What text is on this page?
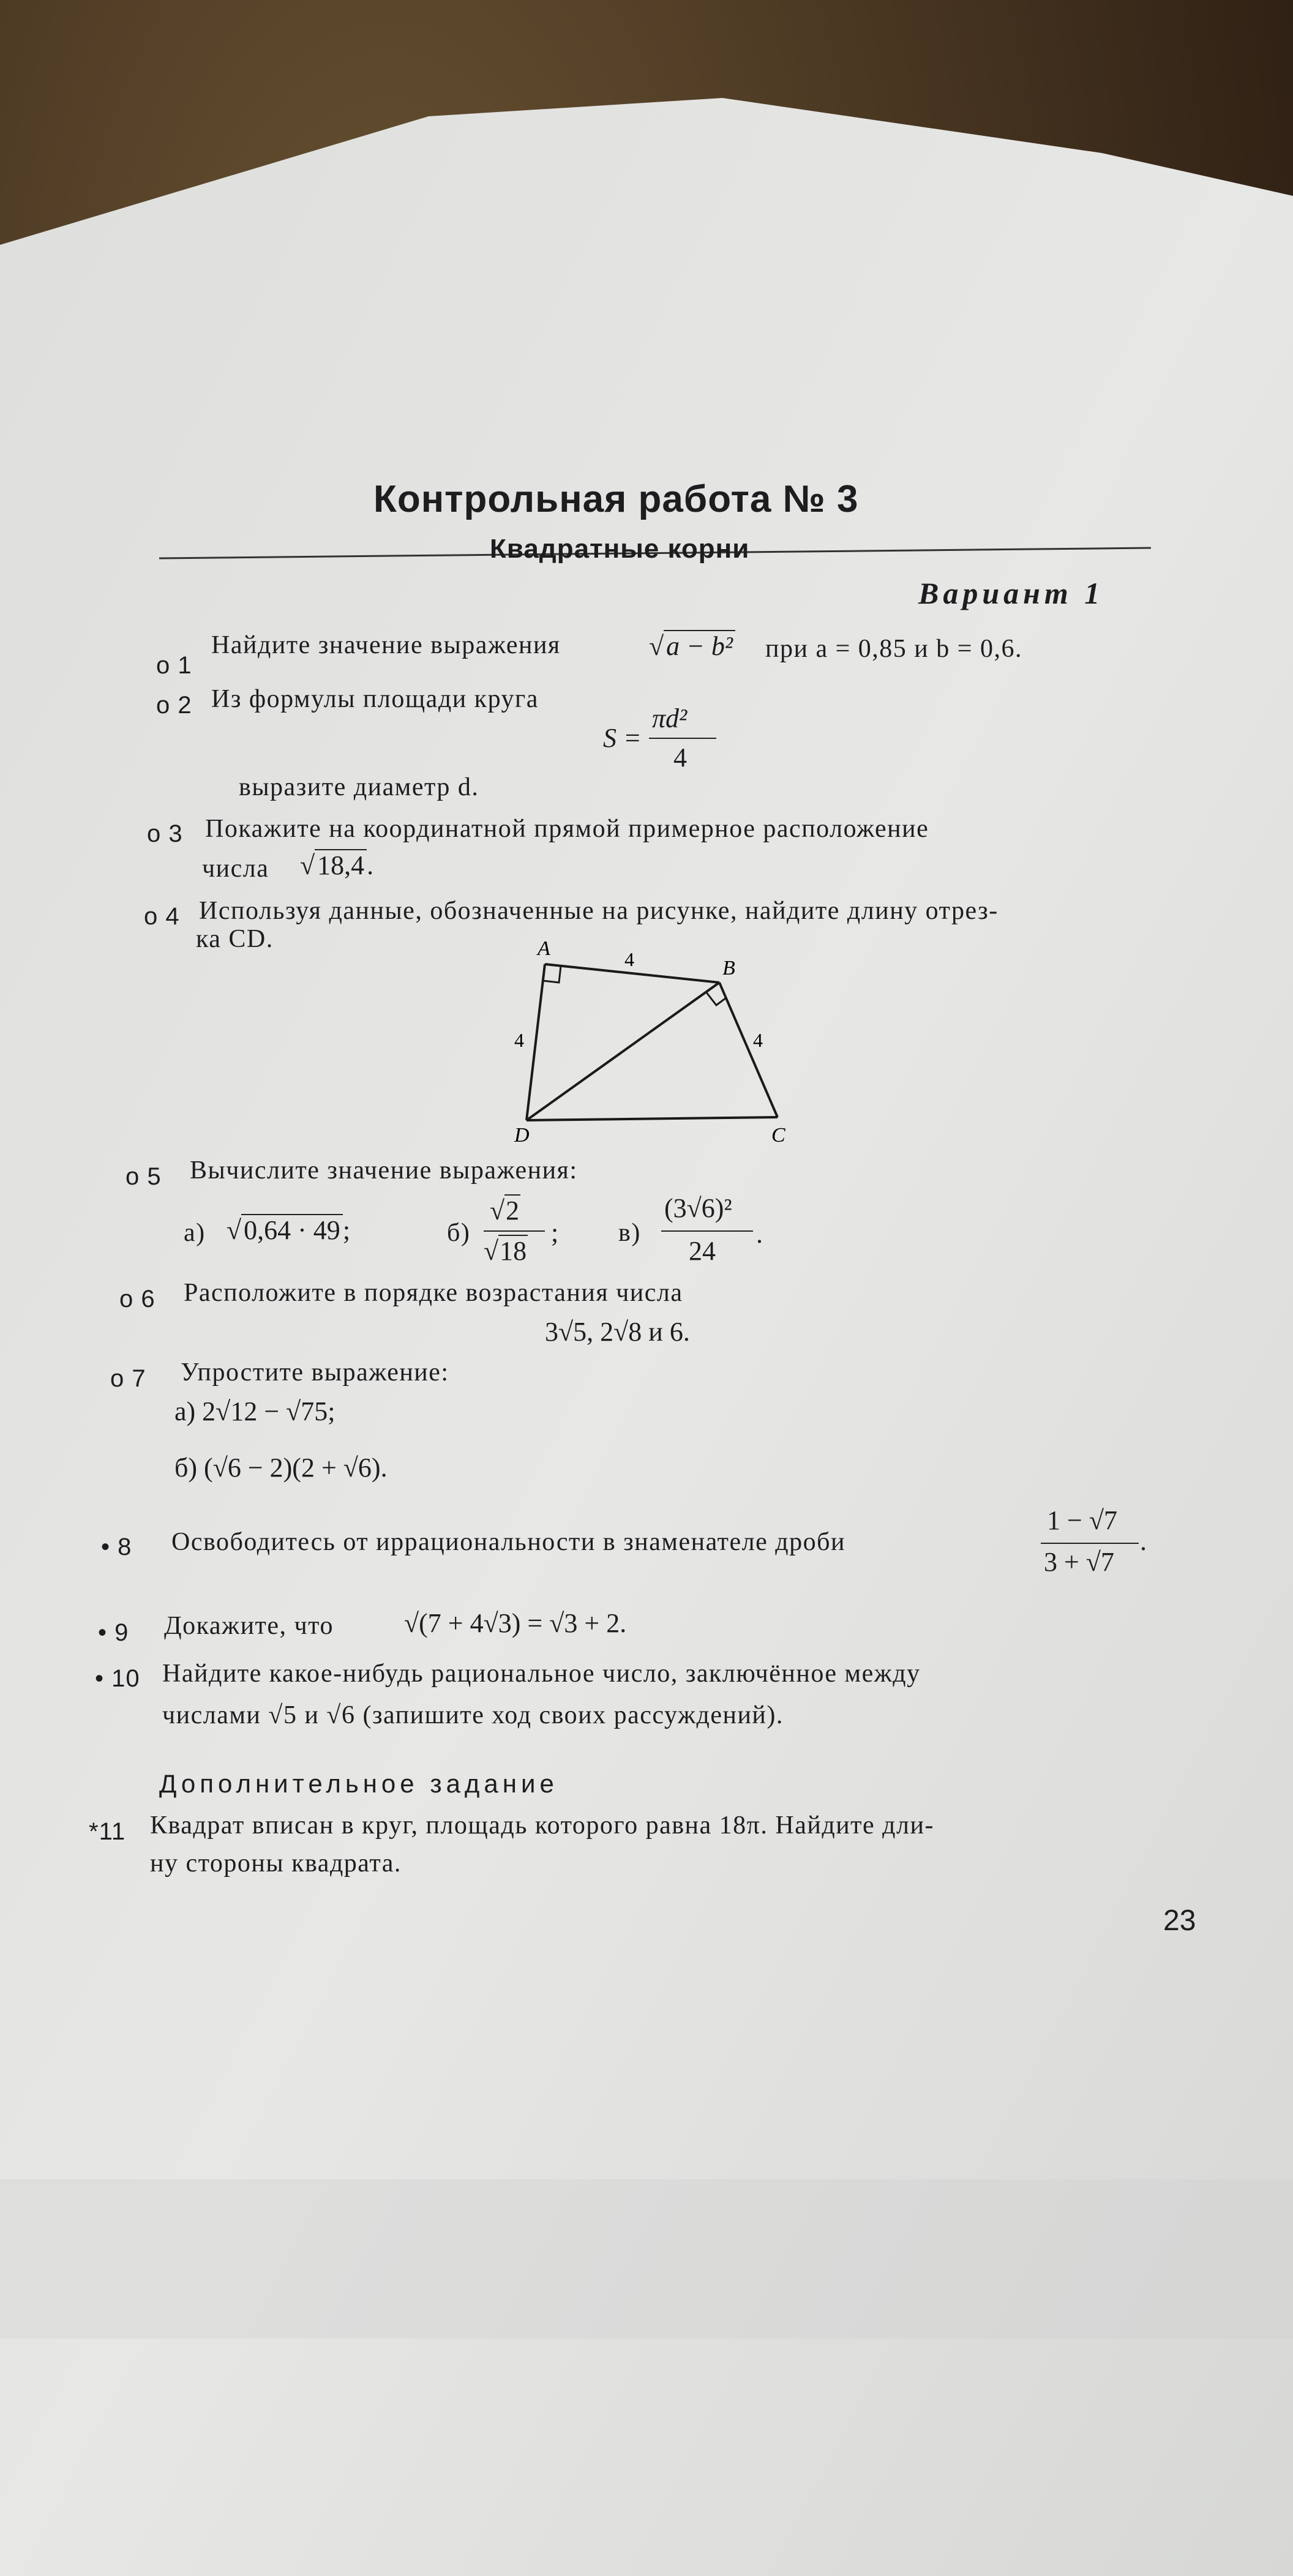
Контрольная работа № 3
Квадратные корни
Вариант 1
о 1
Найдите значение выражения	√a − b² при a = 0,85 и b = 0,6.
о 2 Из формулы площади круга
S =
πd²
4
выразите диаметр d.
о 3 Покажите на координатной прямой примерное расположение
числа √18,4.
о 4 Используя данные, обозначенные на рисунке, найдите длину отрез-
ка CD.	A
B
C
D
4
4	4
о 5 Вычислите значение выражения:
а) √0,64 · 49;	б)
√2
√18
; в)
(3√6)²
24
.
о 6 Расположите в порядке возрастания числа
3√5, 2√8 и 6.
о 7 Упростите выражение:
а) 2√12 − √75;
б) (√6 − 2)(2 + √6).
• 8 Освободитесь от иррациональности в знаменателе дроби
1 − √7
3 + √7
.
• 9 Докажите, что	√(7 + 4√3) = √3 + 2.
• 10 Найдите какое-нибудь рациональное число, заключённое между
числами √5 и √6 (запишите ход своих рассуждений).
Дополнительное задание
*11 Квадрат вписан в круг, площадь которого равна 18π. Найдите дли-
ну стороны квадрата.
23
